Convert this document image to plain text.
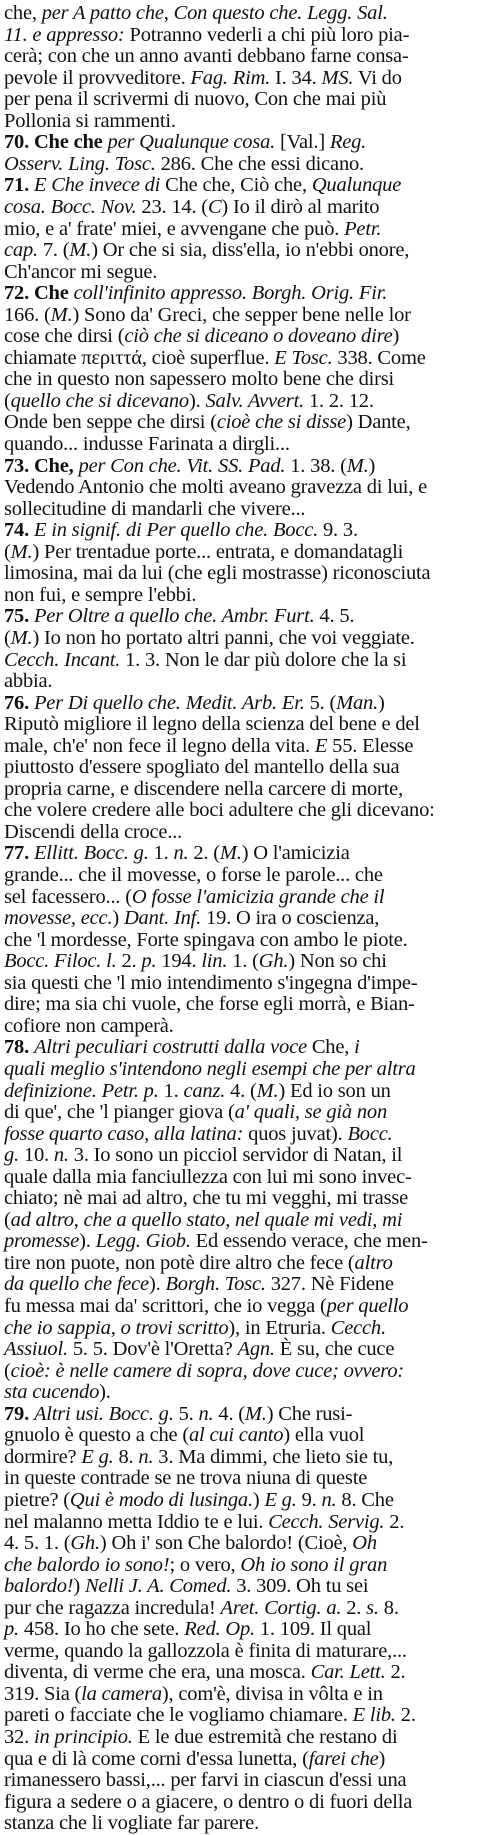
che, per A patto che, Con questo che. Legg. Sal.
11. e appresso: Potranno vederli a chi più loro pia-
cerà; con che un anno avanti debbano farne consa-
pevole il provveditore. Fag. Rim. I. 34. MS. Vi do
per pena il scrivermi di nuovo, Con che mai più
Pollonia si rammenti.
70. Che che per Qualunque cosa. [Val.] Reg.
Osserv. Ling. Tosc. 286. Che che essi dicano.
71. E Che invece di Che che, Ciò che, Qualunque
cosa. Bocc. Nov. 23. 14. (C) Io il dirò al marito
mio, e a' frate' miei, e avvengane che può. Petr.
cap. 7. (M.) Or che si sia, diss'ella, io n'ebbi onore,
Ch'ancor mi segue.
72. Che coll'infinito appresso. Borgh. Orig. Fir.
166. (M.) Sono da' Greci, che sepper bene nelle lor
cose che dirsi (ciò che si diceano o doveano dire)
chiamate περιττά, cioè superflue. E Tosc. 338. Come
che in questo non sapessero molto bene che dirsi
(quello che si dicevano). Salv. Avvert. 1. 2. 12.
Onde ben seppe che dirsi (cioè che si disse) Dante,
quando... indusse Farinata a dirgli...
73. Che, per Con che. Vit. SS. Pad. 1. 38. (M.)
Vedendo Antonio che molti aveano gravezza di lui, e
sollecitudine di mandarli che vivere...
74. E in signif. di Per quello che. Bocc. 9. 3.
(M.) Per trentadue porte... entrata, e domandatagli
limosina, mai da lui (che egli mostrasse) riconosciuta
non fui, e sempre l'ebbi.
75. Per Oltre a quello che. Ambr. Furt. 4. 5.
(M.) Io non ho portato altri panni, che voi veggiate.
Cecch. Incant. 1. 3. Non le dar più dolore che la si
abbia.
76. Per Di quello che. Medit. Arb. Er. 5. (Man.)
Riputò migliore il legno della scienza del bene e del
male, ch'e' non fece il legno della vita. E 55. Elesse
piuttosto d'essere spogliato del mantello della sua
propria carne, e discendere nella carcere di morte,
che volere credere alle boci adultere che gli dicevano:
Discendi della croce...
77. Ellitt. Bocc. g. 1. n. 2. (M.) O l'amicizia
grande... che il movesse, o forse le parole... che
sel facessero... (O fosse l'amicizia grande che il
movesse, ecc.) Dant. Inf. 19. O ira o coscienza,
che 'l mordesse, Forte spingava con ambo le piote.
Bocc. Filoc. l. 2. p. 194. lin. 1. (Gh.) Non so chi
sia questi che 'l mio intendimento s'ingegna d'impe-
dire; ma sia chi vuole, che forse egli morrà, e Bian-
cofiore non camperà.
78. Altri peculiari costrutti dalla voce Che, i
quali meglio s'intendono negli esempi che per altra
definizione. Petr. p. 1. canz. 4. (M.) Ed io son un
di que', che 'l pianger giova (a' quali, se già non
fosse quarto caso, alla latina: quos juvat). Bocc.
g. 10. n. 3. Io sono un picciol servidor di Natan, il
quale dalla mia fanciullezza con lui mi sono invec-
chiato; nè mai ad altro, che tu mi vegghi, mi trasse
(ad altro, che a quello stato, nel quale mi vedi, mi
promesse). Legg. Giob. Ed essendo verace, che men-
tire non puote, non potè dire altro che fece (altro
da quello che fece). Borgh. Tosc. 327. Nè Fidene
fu messa mai da' scrittori, che io vegga (per quello
che io sappia, o trovi scritto), in Etruria. Cecch.
Assiuol. 5. 5. Dov'è l'Oretta? Agn. È su, che cuce
(cioè: è nelle camere di sopra, dove cuce; ovvero:
sta cucendo).
79. Altri usi. Bocc. g. 5. n. 4. (M.) Che rusi-
gnuolo è questo a che (al cui canto) ella vuol
dormire? E g. 8. n. 3. Ma dimmi, che lieto sie tu,
in queste contrade se ne trova niuna di queste
pietre? (Qui è modo di lusinga.) E g. 9. n. 8. Che
nel malanno metta Iddio te e lui. Cecch. Servig. 2.
4. 5. 1. (Gh.) Oh i' son Che balordo! (Cioè, Oh
che balordo io sono!; o vero, Oh io sono il gran
balordo!) Nelli J. A. Comed. 3. 309. Oh tu sei
pur che ragazza incredula! Aret. Cortig. a. 2. s. 8.
p. 458. Io ho che sete. Red. Op. 1. 109. Il qual
verme, quando la gallozzola è finita di maturare,...
diventa, di verme che era, una mosca. Car. Lett. 2.
319. Sia (la camera), com'è, divisa in vôlta e in
pareti o facciate che le vogliamo chiamare. E lib. 2.
32. in principio. E le due estremità che restano di
qua e di là come corni d'essa lunetta, (farei che)
rimanessero bassi,... per farvi in ciascun d'essi una
figura a sedere o a giacere, o dentro o di fuori della
stanza che li vogliate far parere.
